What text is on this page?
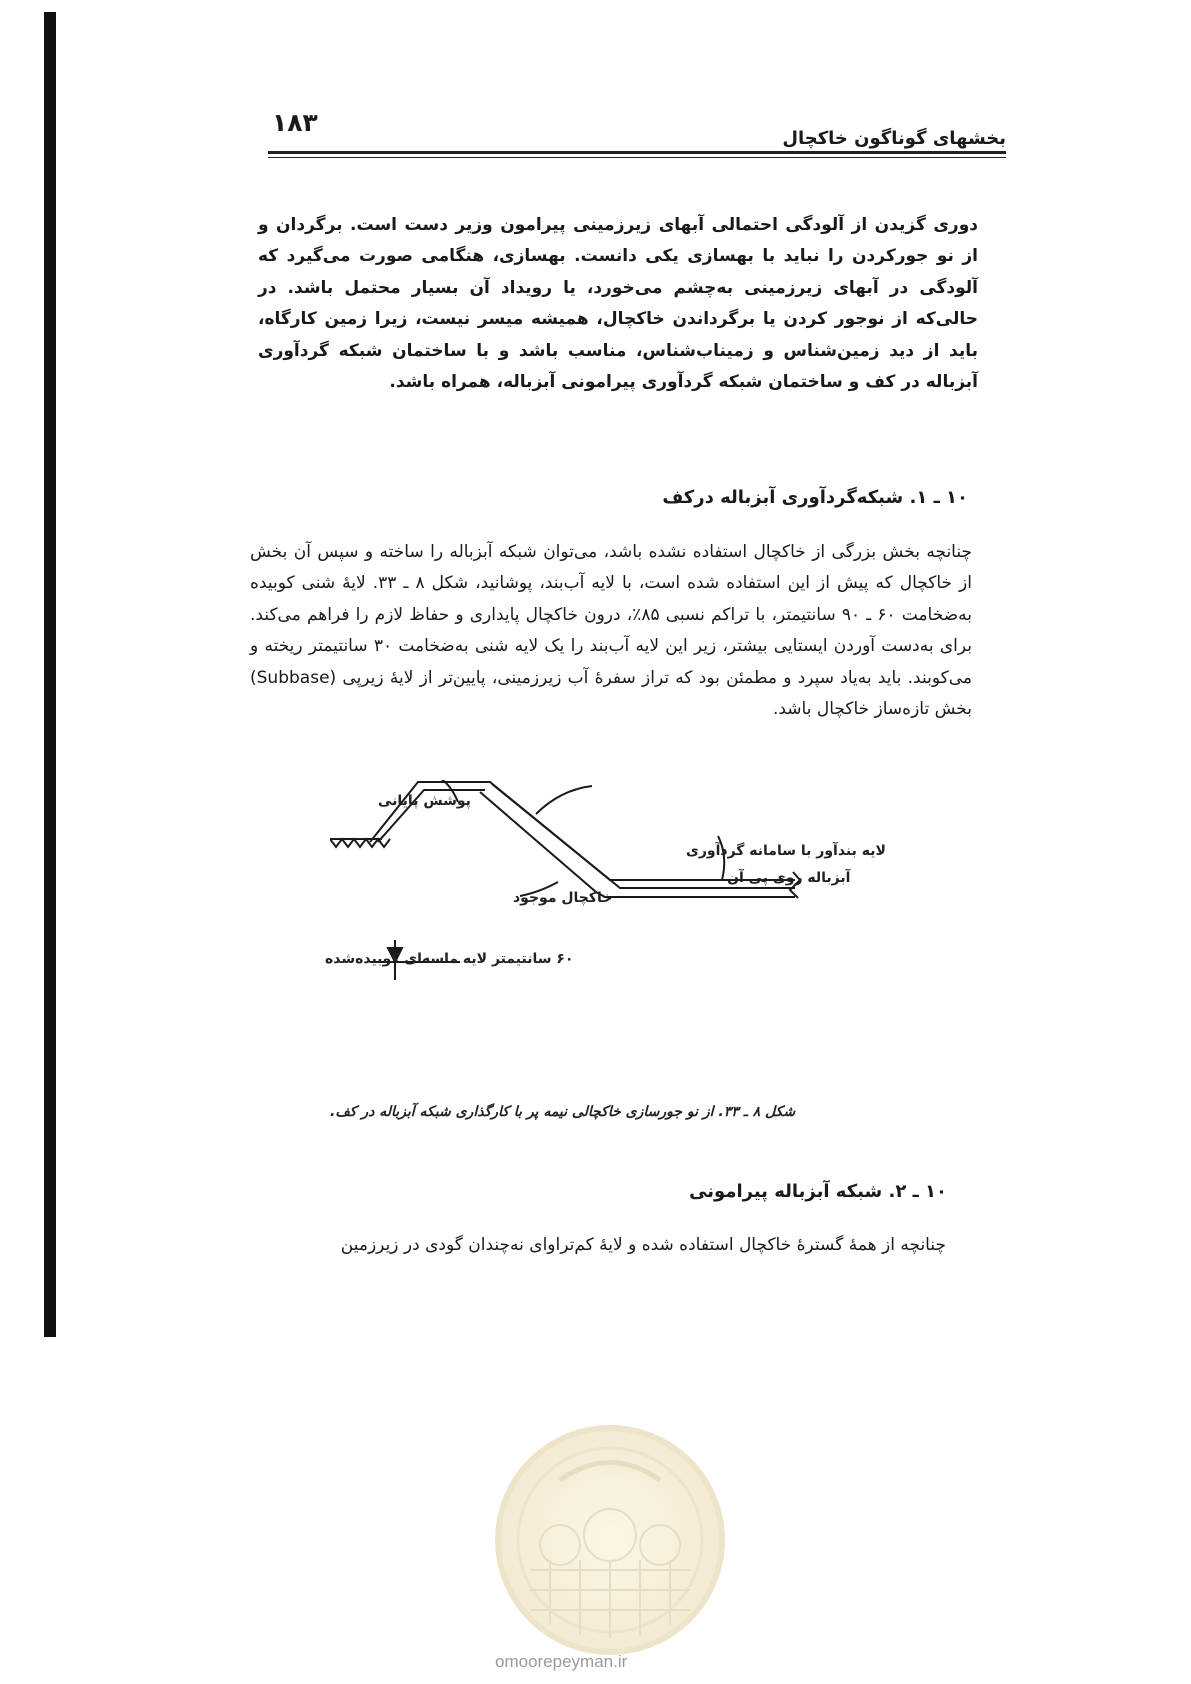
۱۸۳
بخشهای گوناگون خاکچال

دوری گزیدن از آلودگی احتمالی آبهای زیرزمینی پیرامون وزیر دست است. برگردان و از نو جورکردن را نباید با بهسازی یکی دانست. بهسازی، هنگامی صورت می‌گیرد که آلودگی در آبهای زیرزمینی به‌چشم می‌خورد، یا رویداد آن بسیار محتمل باشد. در حالی‌که از نوجور کردن یا برگرداندن خاکچال، همیشه میسر نیست، زیرا زمین کارگاه، باید از دید زمین‌شناس و زمیناب‌شناس، مناسب باشد و با ساختمان شبکه گردآوری آبزباله در کف و ساختمان شبکه گردآوری پیرامونی آبزباله، همراه باشد.

۱۰ ـ ۱. شبکه‌گردآوری آبزباله درکف

چنانچه بخش بزرگی از خاکچال استفاده نشده باشد، می‌توان شبکه آبزباله را ساخته و سپس آن بخش از خاکچال که پیش از این استفاده شده است، با لایه آب‌بند، پوشانید، شکل ۸ ـ ۳۳. لایهٔ شنی کوبیده به‌ضخامت ۶۰ ـ ۹۰ سانتیمتر، با تراکم نسبی ۸۵٪، درون خاکچال پایداری و حفاظ لازم را فراهم می‌کند. برای به‌دست آوردن ایستایی بیشتر، زیر این لایه آب‌بند را یک لایه شنی به‌ضخامت ۳۰ سانتیمتر ریخته و می‌کوبند. باید به‌یاد سپرد و مطمئن بود که تراز سفرهٔ آب زیرزمینی، پایین‌تر از لایهٔ زیرپی (Subbase) بخش تازه‌ساز خاکچال باشد.

پوشش پایانی
لایه بندآور با سامانه گردآوری
آبزباله روی پی آن
خاکچال موجود
۶۰ سانتیمتر لایه ماسه‌ای کوبیده‌شده
شکل ۸ ـ ۳۳. از نو جورسازی خاکچالی نیمه پر با کارگذاری شبکه آبزباله در کف.
۱۰ ـ ۲. شبکه آبزباله پیرامونی

چنانچه از همهٔ گسترهٔ خاکچال استفاده شده و لایهٔ کم‌تراوای نه‌چندان گودی در زیرزمین

omoorepeyman.ir
